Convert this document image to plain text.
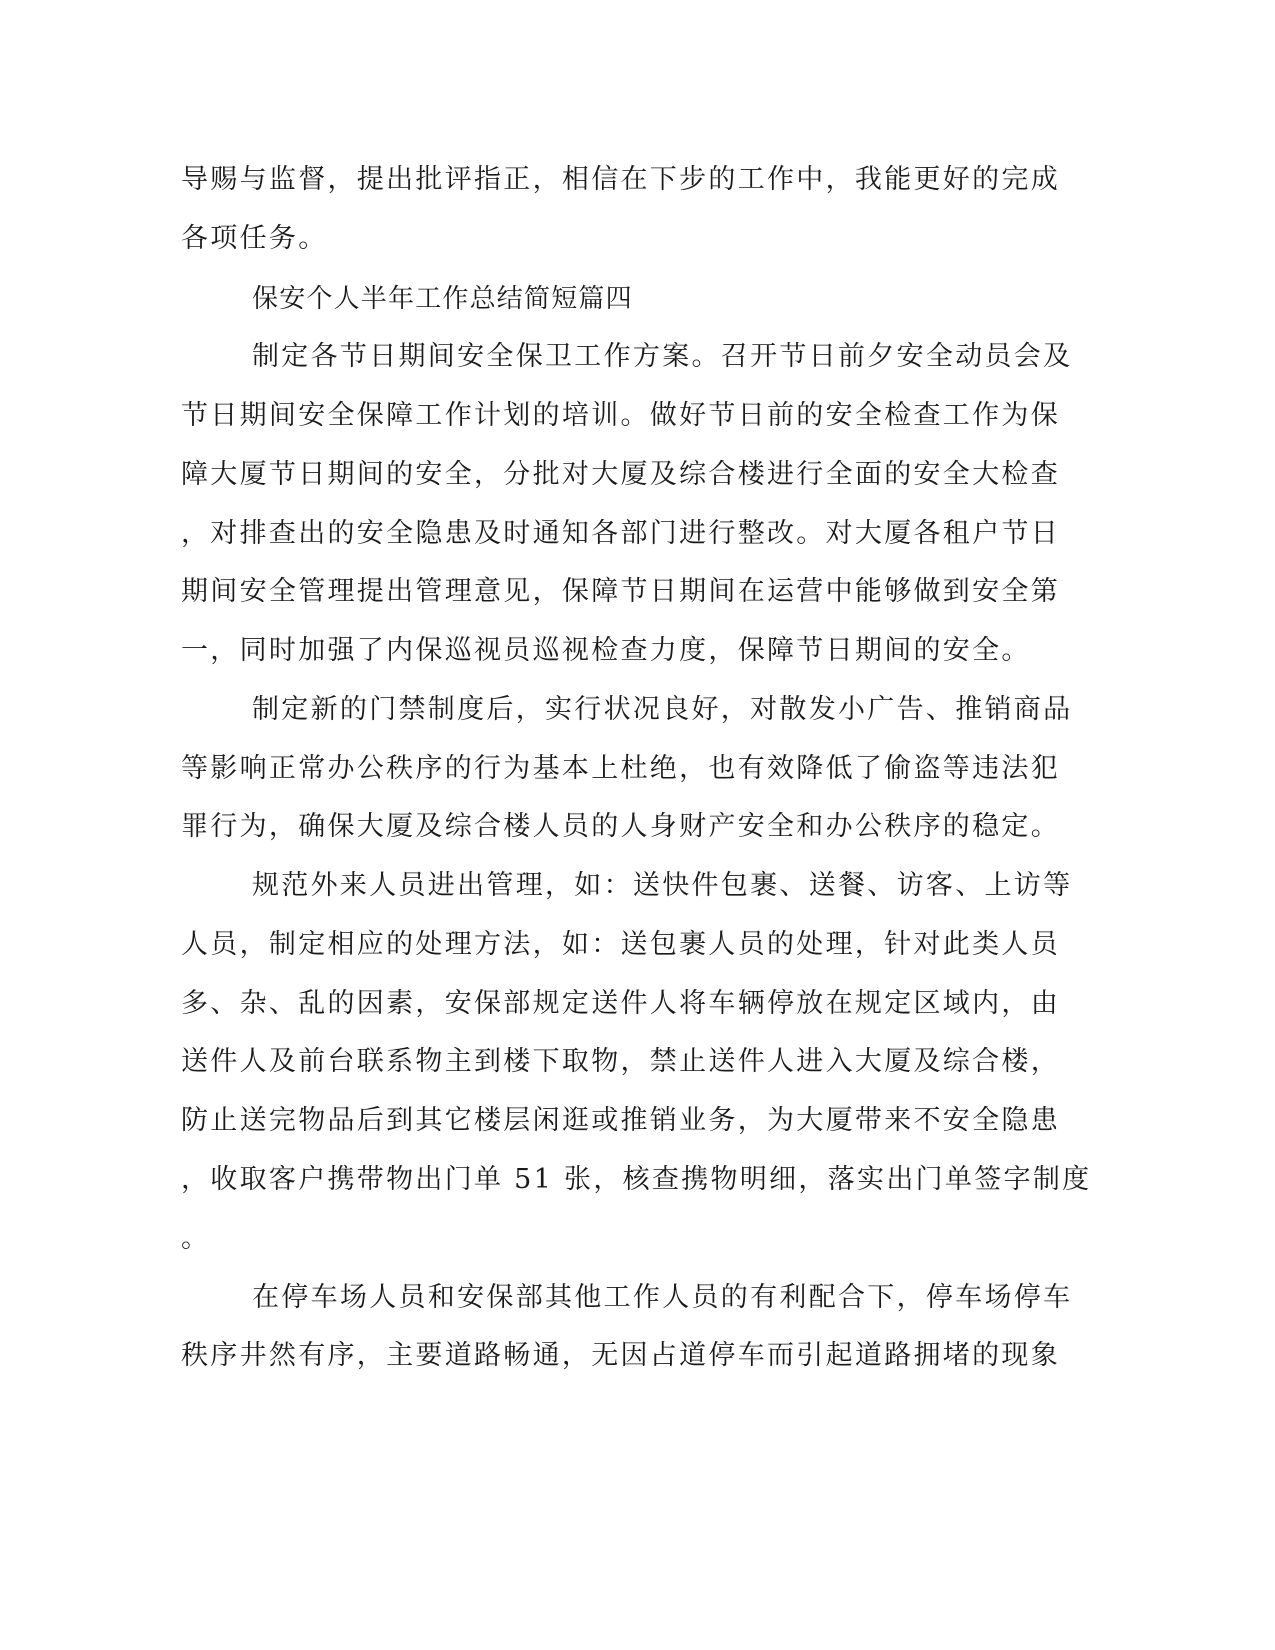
导赐与监督，提出批评指正，相信在下步的工作中，我能更好的完成

各项任务。

保安个人半年工作总结简短篇四

制定各节日期间安全保卫工作方案。召开节日前夕安全动员会及

节日期间安全保障工作计划的培训。做好节日前的安全检查工作为保

障大厦节日期间的安全，分批对大厦及综合楼进行全面的安全大检查

，对排查出的安全隐患及时通知各部门进行整改。对大厦各租户节日

期间安全管理提出管理意见，保障节日期间在运营中能够做到安全第

一，同时加强了内保巡视员巡视检查力度，保障节日期间的安全。

制定新的门禁制度后，实行状况良好，对散发小广告、推销商品

等影响正常办公秩序的行为基本上杜绝，也有效降低了偷盗等违法犯

罪行为，确保大厦及综合楼人员的人身财产安全和办公秩序的稳定。

规范外来人员进出管理，如：送快件包裹、送餐、访客、上访等

人员，制定相应的处理方法，如：送包裹人员的处理，针对此类人员

多、杂、乱的因素，安保部规定送件人将车辆停放在规定区域内，由

送件人及前台联系物主到楼下取物，禁止送件人进入大厦及综合楼，

防止送完物品后到其它楼层闲逛或推销业务，为大厦带来不安全隐患

，收取客户携带物出门单 51 张，核查携物明细，落实出门单签字制度

。

在停车场人员和安保部其他工作人员的有利配合下，停车场停车

秩序井然有序，主要道路畅通，无因占道停车而引起道路拥堵的现象
